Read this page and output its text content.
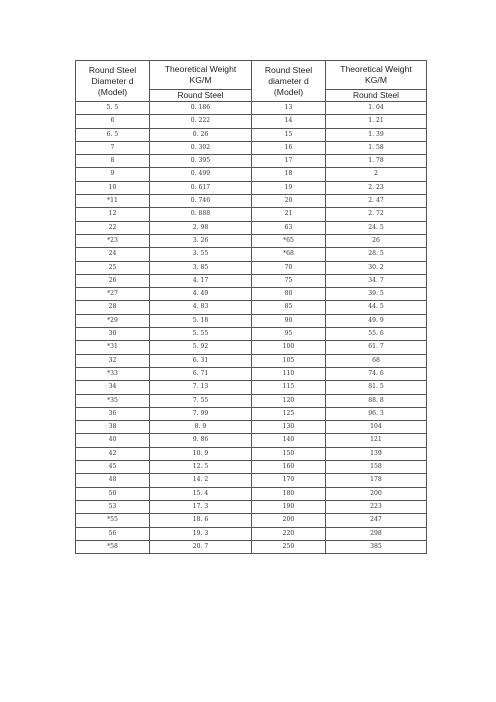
Round Steel
Diameter d
(Model)	Theoretical Weight
KG/M	Round Steel
diameter d
(Model)	Theoretical Weight
KG/M

	Round Steel		Round Steel
5. 5	0. 186	13	1. 04
6	0. 222	14	1. 21
6. 5	0. 26	15	1. 39
7	0. 302	16	1. 58
8	0. 395	17	1. 78
9	0. 499	18	2
10	0. 617	19	2. 23
*11	0. 746	20	2. 47
12	0. 888	21	2. 72
22	2. 98	63	24. 5
*23	3. 26	*65	26
24	3. 55	*68	28. 5
25	3. 85	70	30. 2
26	4. 17	75	34. 7
*27	4. 49	80	39. 5
28	4. 83	85	44. 5
*29	5. 18	90	49. 9
30	5. 55	95	55. 6
*31	5. 92	100	61. 7
32	6. 31	105	68
*33	6. 71	110	74. 6
34	7. 13	115	81. 5
*35	7. 55	120	88. 8
36	7. 99	125	96. 3
38	8. 9	130	104
40	9. 86	140	121
42	10. 9	150	139
45	12. 5	160	158
48	14. 2	170	178
50	15. 4	180	200
53	17. 3	190	223
*55	18. 6	200	247
56	19. 3	220	298
*58	20. 7	250	385
